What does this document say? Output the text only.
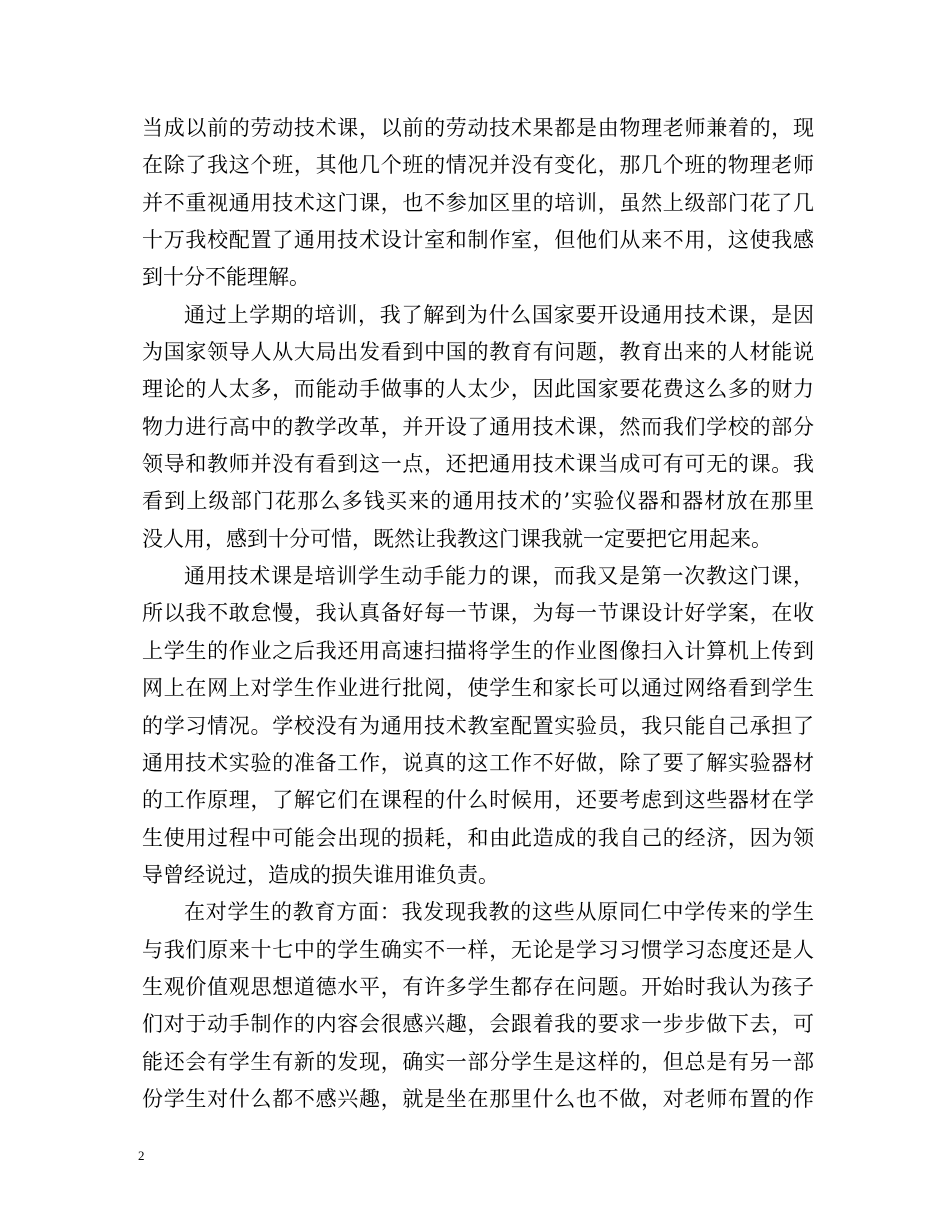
当成以前的劳动技术课，以前的劳动技术果都是由物理老师兼着的，现
在除了我这个班，其他几个班的情况并没有变化，那几个班的物理老师
并不重视通用技术这门课，也不参加区里的培训，虽然上级部门花了几
十万我校配置了通用技术设计室和制作室，但他们从来不用，这使我感
到十分不能理解。
通过上学期的培训，我了解到为什么国家要开设通用技术课，是因
为国家领导人从大局出发看到中国的教育有问题，教育出来的人材能说
理论的人太多，而能动手做事的人太少，因此国家要花费这么多的财力
物力进行高中的教学改革，并开设了通用技术课，然而我们学校的部分
领导和教师并没有看到这一点，还把通用技术课当成可有可无的课。我
看到上级部门花那么多钱买来的通用技术的’实验仪器和器材放在那里
没人用，感到十分可惜，既然让我教这门课我就一定要把它用起来。
通用技术课是培训学生动手能力的课，而我又是第一次教这门课，
所以我不敢怠慢，我认真备好每一节课，为每一节课设计好学案，在收
上学生的作业之后我还用高速扫描将学生的作业图像扫入计算机上传到
网上在网上对学生作业进行批阅，使学生和家长可以通过网络看到学生
的学习情况。学校没有为通用技术教室配置实验员，我只能自己承担了
通用技术实验的准备工作，说真的这工作不好做，除了要了解实验器材
的工作原理，了解它们在课程的什么时候用，还要考虑到这些器材在学
生使用过程中可能会出现的损耗，和由此造成的我自己的经济，因为领
导曾经说过，造成的损失谁用谁负责。
在对学生的教育方面：我发现我教的这些从原同仁中学传来的学生
与我们原来十七中的学生确实不一样，无论是学习习惯学习态度还是人
生观价值观思想道德水平，有许多学生都存在问题。开始时我认为孩子
们对于动手制作的内容会很感兴趣，会跟着我的要求一步步做下去，可
能还会有学生有新的发现，确实一部分学生是这样的，但总是有另一部
份学生对什么都不感兴趣，就是坐在那里什么也不做，对老师布置的作
2
